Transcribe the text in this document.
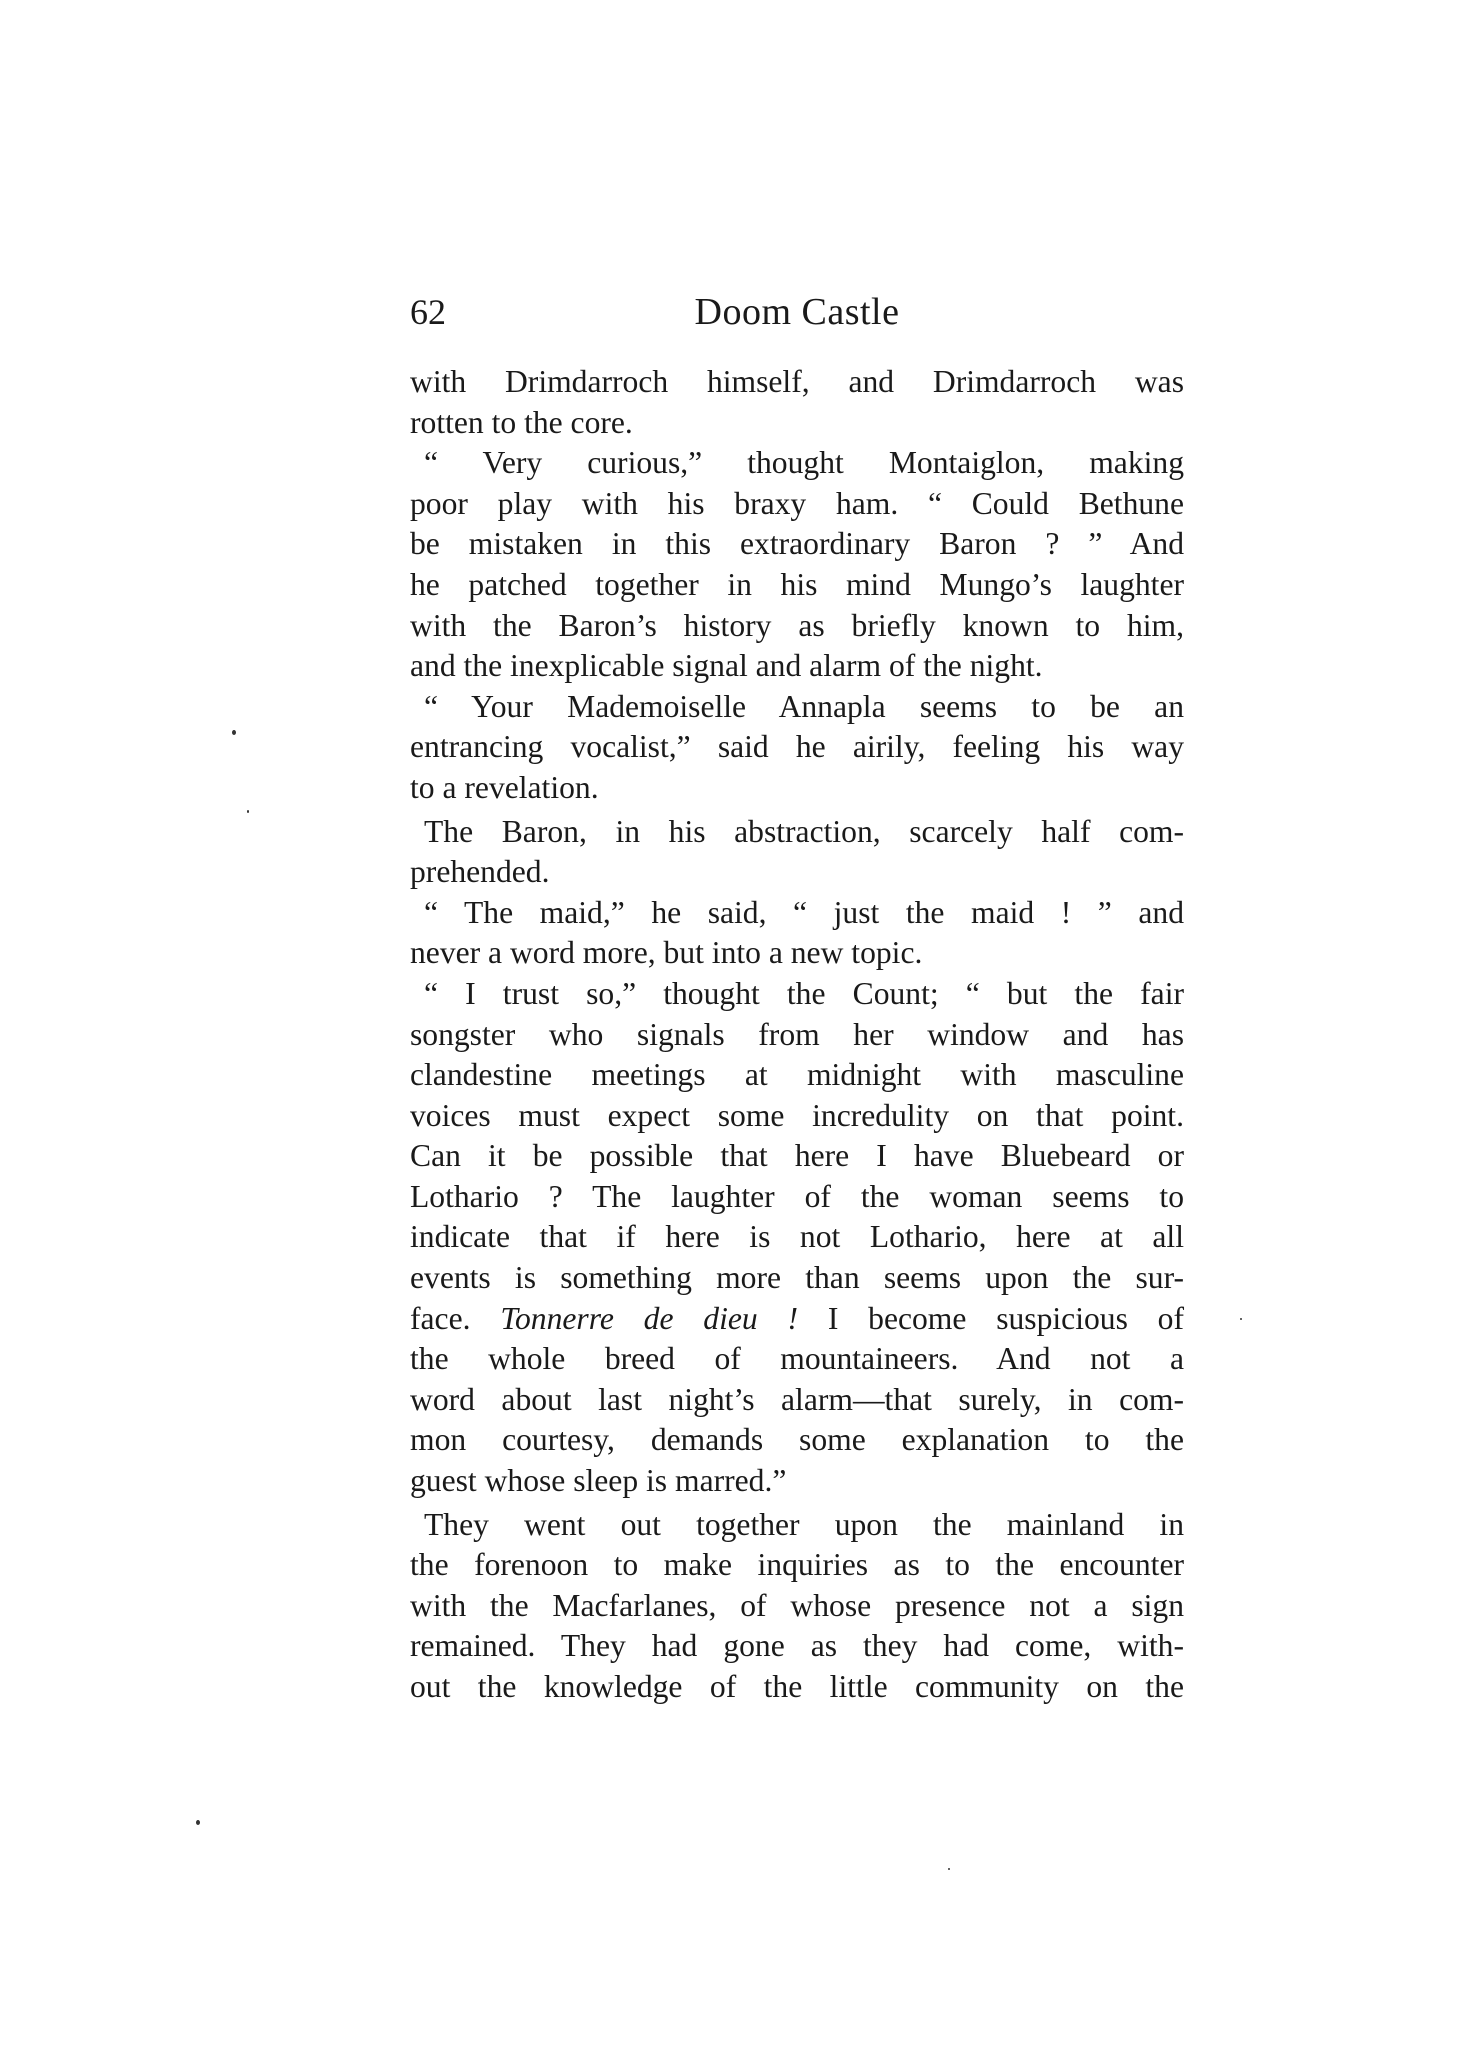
62	Doom Castle
with Drimdarroch himself, and Drimdarroch was
rotten to the core.
“ Very curious,” thought Montaiglon, making
poor play with his braxy ham. “ Could Bethune
be mistaken in this extraordinary Baron ? ” And
he patched together in his mind Mungo’s laughter
with the Baron’s history as briefly known to him,
and the inexplicable signal and alarm of the night.
“ Your Mademoiselle Annapla seems to be an
entrancing vocalist,” said he airily, feeling his way
to a revelation.
The Baron, in his abstraction, scarcely half com-
prehended.
“ The maid,” he said, “ just the maid ! ” and
never a word more, but into a new topic.
“ I trust so,” thought the Count; “ but the fair
songster who signals from her window and has
clandestine meetings at midnight with masculine
voices must expect some incredulity on that point.
Can it be possible that here I have Bluebeard or
Lothario ? The laughter of the woman seems to
indicate that if here is not Lothario, here at all
events is something more than seems upon the sur-
face. Tonnerre de dieu ! I become suspicious of
the whole breed of mountaineers. And not a
word about last night’s alarm—that surely, in com-
mon courtesy, demands some explanation to the
guest whose sleep is marred.”
They went out together upon the mainland in
the forenoon to make inquiries as to the encounter
with the Macfarlanes, of whose presence not a sign
remained. They had gone as they had come, with-
out the knowledge of the little community on the
